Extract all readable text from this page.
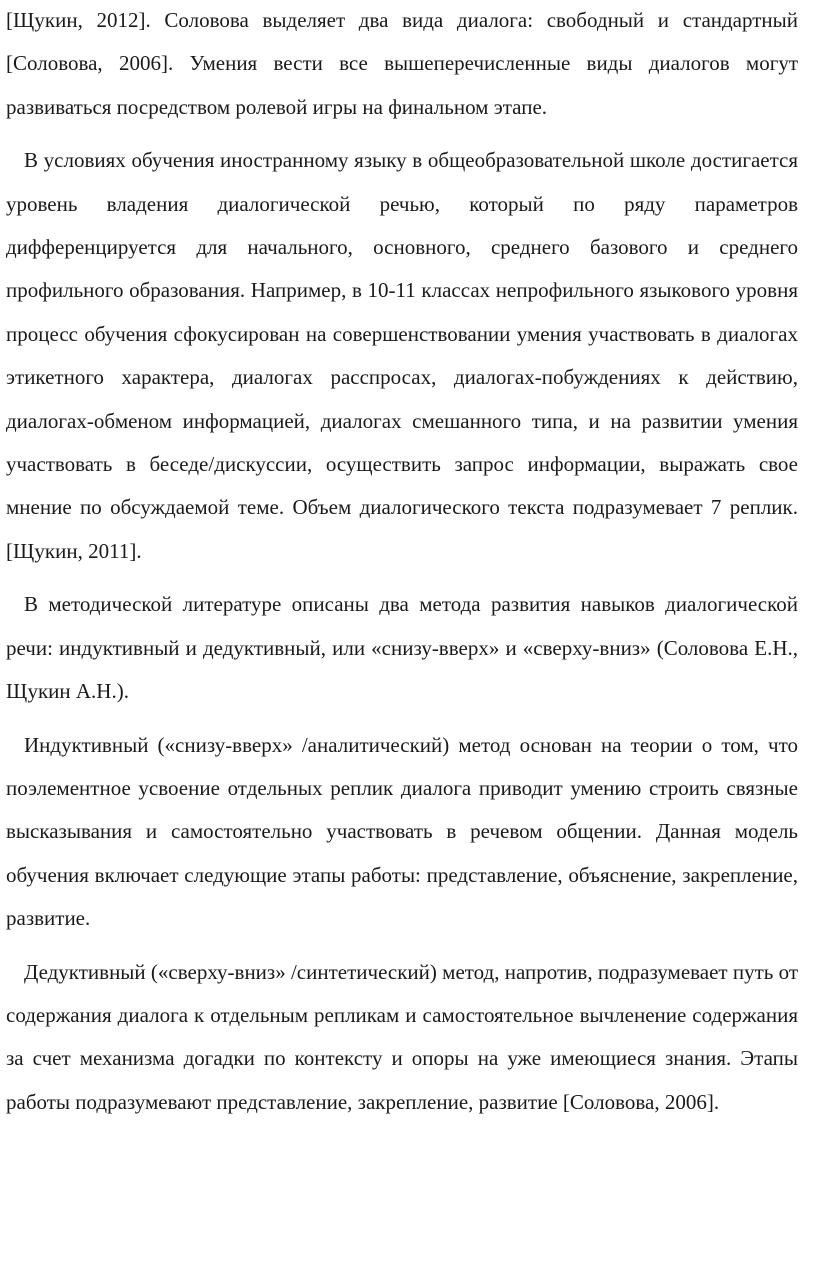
[Щукин, 2012]. Соловова выделяет два вида диалога: свободный и стандартный [Соловова, 2006]. Умения вести все вышеперечисленные виды диалогов могут развиваться посредством ролевой игры на финальном этапе.

В условиях обучения иностранному языку в общеобразовательной школе достигается уровень владения диалогической речью, который по ряду параметров дифференцируется для начального, основного, среднего базового и среднего профильного образования. Например, в 10-11 классах непрофильного языкового уровня процесс обучения сфокусирован на совершенствовании умения участвовать в диалогах этикетного характера, диалогах расспросах, диалогах-побуждениях к действию, диалогах-обменом информацией, диалогах смешанного типа, и на развитии умения участвовать в беседе/дискуссии, осуществить запрос информации, выражать свое мнение по обсуждаемой теме. Объем диалогического текста подразумевает 7 реплик. [Щукин, 2011].

В методической литературе описаны два метода развития навыков диалогической речи: индуктивный и дедуктивный, или «снизу-вверх» и «сверху-вниз» (Соловова Е.Н., Щукин А.Н.).

Индуктивный («снизу-вверх» /аналитический) метод основан на теории о том, что поэлементное усвоение отдельных реплик диалога приводит умению строить связные высказывания и самостоятельно участвовать в речевом общении. Данная модель обучения включает следующие этапы работы: представление, объяснение, закрепление, развитие.

Дедуктивный («сверху-вниз» /синтетический) метод, напротив, подразумевает путь от содержания диалога к отдельным репликам и самостоятельное вычленение содержания за счет механизма догадки по контексту и опоры на уже имеющиеся знания. Этапы работы подразумевают представление, закрепление, развитие [Соловова, 2006].
